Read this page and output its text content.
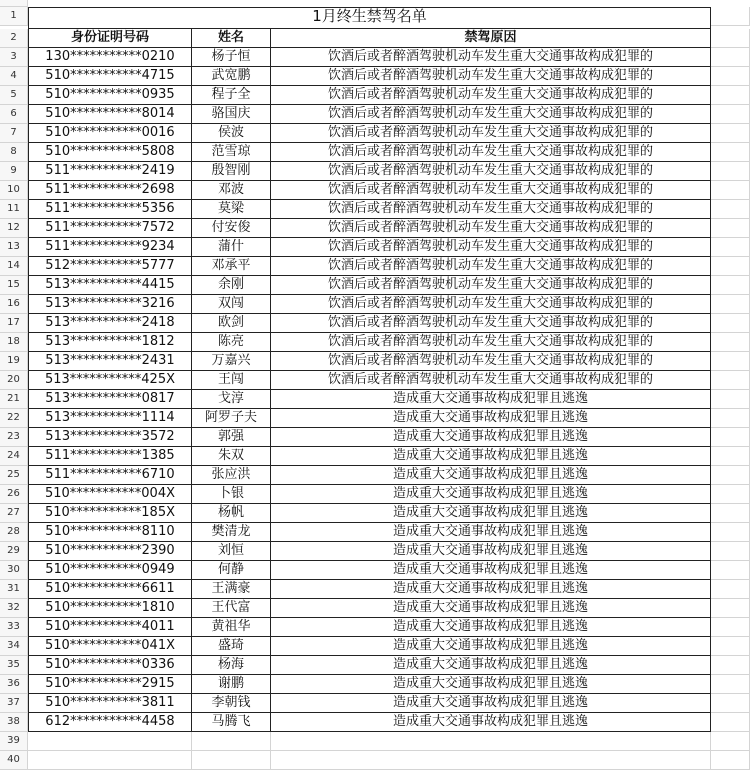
1	1月终生禁驾名单
2	身份证明号码	姓名	禁驾原因
3	130***********0210	杨子恒	饮酒后或者醉酒驾驶机动车发生重大交通事故构成犯罪的
4	510***********4715	武宽鹏	饮酒后或者醉酒驾驶机动车发生重大交通事故构成犯罪的
5	510***********0935	程子全	饮酒后或者醉酒驾驶机动车发生重大交通事故构成犯罪的
6	510***********8014	骆国庆	饮酒后或者醉酒驾驶机动车发生重大交通事故构成犯罪的
7	510***********0016	侯波	饮酒后或者醉酒驾驶机动车发生重大交通事故构成犯罪的
8	510***********5808	范雪琼	饮酒后或者醉酒驾驶机动车发生重大交通事故构成犯罪的
9	511***********2419	殷智刚	饮酒后或者醉酒驾驶机动车发生重大交通事故构成犯罪的
10	511***********2698	邓波	饮酒后或者醉酒驾驶机动车发生重大交通事故构成犯罪的
11	511***********5356	莫梁	饮酒后或者醉酒驾驶机动车发生重大交通事故构成犯罪的
12	511***********7572	付安俊	饮酒后或者醉酒驾驶机动车发生重大交通事故构成犯罪的
13	511***********9234	蒲什	饮酒后或者醉酒驾驶机动车发生重大交通事故构成犯罪的
14	512***********5777	邓承平	饮酒后或者醉酒驾驶机动车发生重大交通事故构成犯罪的
15	513***********4415	余刚	饮酒后或者醉酒驾驶机动车发生重大交通事故构成犯罪的
16	513***********3216	双闯	饮酒后或者醉酒驾驶机动车发生重大交通事故构成犯罪的
17	513***********2418	欧剑	饮酒后或者醉酒驾驶机动车发生重大交通事故构成犯罪的
18	513***********1812	陈亮	饮酒后或者醉酒驾驶机动车发生重大交通事故构成犯罪的
19	513***********2431	万嘉兴	饮酒后或者醉酒驾驶机动车发生重大交通事故构成犯罪的
20	513***********425X	王闯	饮酒后或者醉酒驾驶机动车发生重大交通事故构成犯罪的
21	513***********0817	戈淳	造成重大交通事故构成犯罪且逃逸
22	513***********1114	阿罗子夫	造成重大交通事故构成犯罪且逃逸
23	513***********3572	郭强	造成重大交通事故构成犯罪且逃逸
24	511***********1385	朱双	造成重大交通事故构成犯罪且逃逸
25	511***********6710	张应洪	造成重大交通事故构成犯罪且逃逸
26	510***********004X	卜银	造成重大交通事故构成犯罪且逃逸
27	510***********185X	杨帆	造成重大交通事故构成犯罪且逃逸
28	510***********8110	樊清龙	造成重大交通事故构成犯罪且逃逸
29	510***********2390	刘恒	造成重大交通事故构成犯罪且逃逸
30	510***********0949	何静	造成重大交通事故构成犯罪且逃逸
31	510***********6611	王满豪	造成重大交通事故构成犯罪且逃逸
32	510***********1810	王代富	造成重大交通事故构成犯罪且逃逸
33	510***********4011	黄祖华	造成重大交通事故构成犯罪且逃逸
34	510***********041X	盛琦	造成重大交通事故构成犯罪且逃逸
35	510***********0336	杨海	造成重大交通事故构成犯罪且逃逸
36	510***********2915	谢鹏	造成重大交通事故构成犯罪且逃逸
37	510***********3811	李朝钱	造成重大交通事故构成犯罪且逃逸
38	612***********4458	马腾飞	造成重大交通事故构成犯罪且逃逸
39
40
